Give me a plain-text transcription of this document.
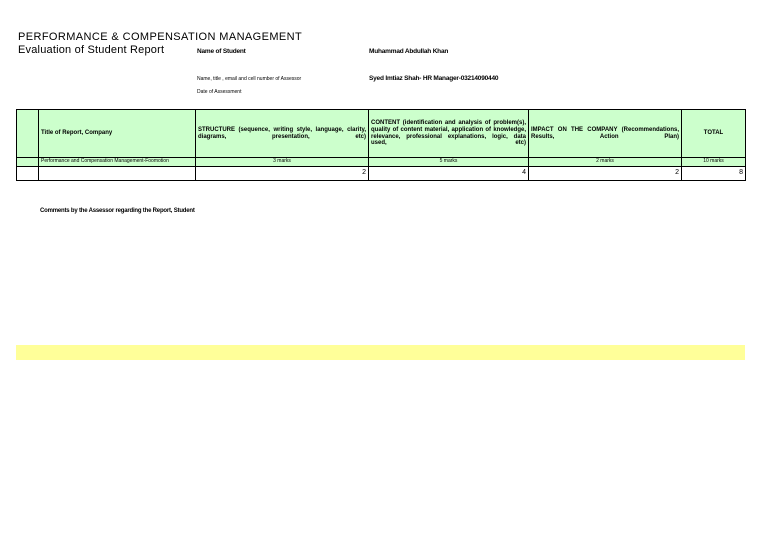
PERFORMANCE & COMPENSATION MANAGEMENT
Evaluation of Student Report	Name of Student	Muhammad Abdullah Khan
Name, title , email and cell number of Assessor	Syed Imtiaz Shah- HR Manager-03214090440
Date of Assessment
	Title of Report, Company	STRUCTURE (sequence, writing style, language, clarity, diagrams, presentation, etc)	CONTENT (identification and analysis of problem(s), quality of content material, application of knowledge, relevance, professional explanations, logic, data used, etc)	IMPACT ON THE COMPANY (Recommendations, Results, Action Plan)	TOTAL
	Performance and Compensation Management-Foomotion	3 marks	5 marks	2 marks	10 marks
		2	4	2	8
Comments by the Assessor regarding the Report, Student
